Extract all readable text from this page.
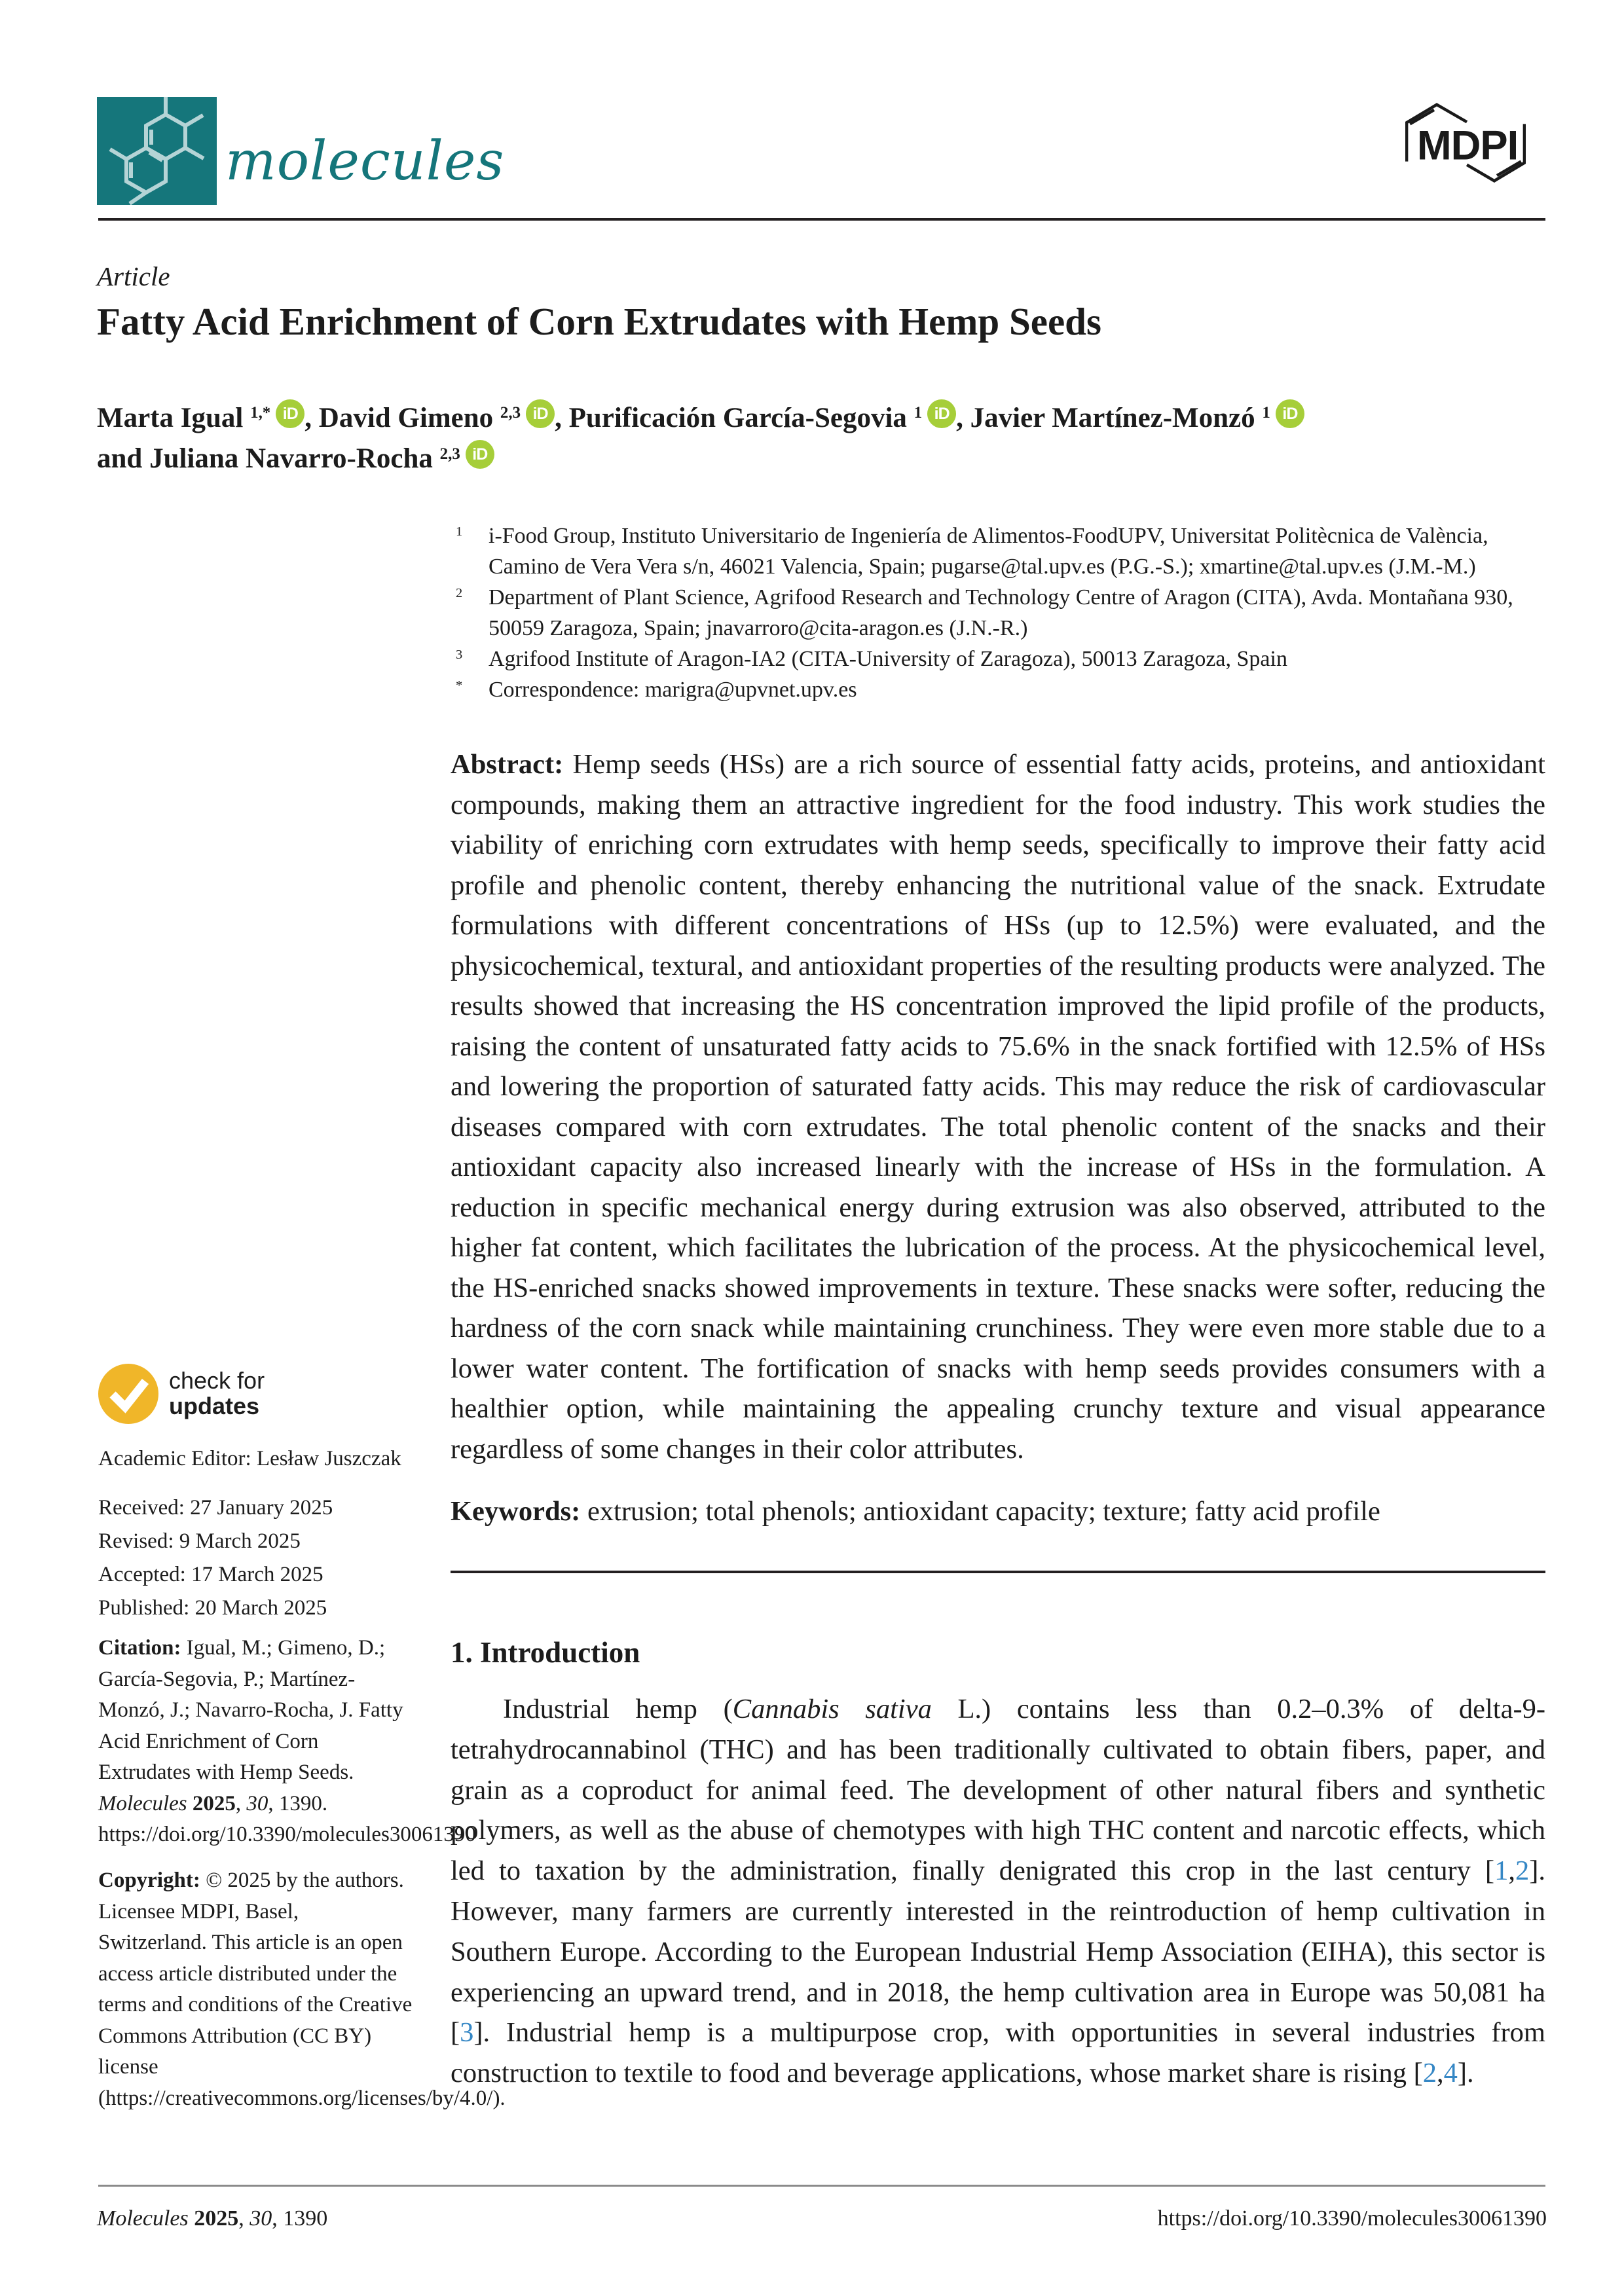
molecules	MDPI
Article
Fatty Acid Enrichment of Corn Extrudates with Hemp Seeds
Marta Igual $^{1,*}$ iD , David Gimeno $^{2,3}$ iD , Purificación García-Segovia $^1$ iD , Javier Martínez-Monzó $^1$ iD
and Juliana Navarro-Rocha $^{2,3}$ iD
1	i-Food Group, Instituto Universitario de Ingeniería de Alimentos-FoodUPV, Universitat Politècnica de València, Camino de Vera Vera s/n, 46021 Valencia, Spain; pugarse@tal.upv.es (P.G.-S.); xmartine@tal.upv.es (J.M.-M.)
2	Department of Plant Science, Agrifood Research and Technology Centre of Aragon (CITA), Avda. Montañana 930, 50059 Zaragoza, Spain; jnavarroro@cita-aragon.es (J.N.-R.)
3	Agrifood Institute of Aragon-IA2 (CITA-University of Zaragoza), 50013 Zaragoza, Spain
*	Correspondence: marigra@upvnet.upv.es
Abstract: Hemp seeds (HSs) are a rich source of essential fatty acids, proteins, and antioxidant compounds, making them an attractive ingredient for the food industry. This work studies the viability of enriching corn extrudates with hemp seeds, specifically to improve their fatty acid profile and phenolic content, thereby enhancing the nutritional value of the snack. Extrudate formulations with different concentrations of HSs (up to 12.5%) were evaluated, and the physicochemical, textural, and antioxidant properties of the resulting products were analyzed. The results showed that increasing the HS concentration improved the lipid profile of the products, raising the content of unsaturated fatty acids to 75.6% in the snack fortified with 12.5% of HSs and lowering the proportion of saturated fatty acids. This may reduce the risk of cardiovascular diseases compared with corn extrudates. The total phenolic content of the snacks and their antioxidant capacity also increased linearly with the increase of HSs in the formulation. A reduction in specific mechanical energy during extrusion was also observed, attributed to the higher fat content, which facilitates the lubrication of the process. At the physicochemical level, the HS-enriched snacks showed improvements in texture. These snacks were softer, reducing the hardness of the corn snack while maintaining crunchiness. They were even more stable due to a lower water content. The fortification of snacks with hemp seeds provides consumers with a healthier option, while maintaining the appealing crunchy texture and visual appearance regardless of some changes in their color attributes.
Keywords: extrusion; total phenols; antioxidant capacity; texture; fatty acid profile
1. Introduction
Industrial hemp (Cannabis sativa L.) contains less than 0.2–0.3% of delta-9-tetrahydrocannabinol (THC) and has been traditionally cultivated to obtain fibers, paper, and grain as a coproduct for animal feed. The development of other natural fibers and synthetic polymers, as well as the abuse of chemotypes with high THC content and narcotic effects, which led to taxation by the administration, finally denigrated this crop in the last century [1,2]. However, many farmers are currently interested in the reintroduction of hemp cultivation in Southern Europe. According to the European Industrial Hemp Association (EIHA), this sector is experiencing an upward trend, and in 2018, the hemp cultivation area in Europe was 50,081 ha [3]. Industrial hemp is a multipurpose crop, with opportunities in several industries from construction to textile to food and beverage applications, whose market share is rising [2,4].
check for
updates
Academic Editor: Lesław Juszczak
Received: 27 January 2025
Revised: 9 March 2025
Accepted: 17 March 2025
Published: 20 March 2025
Citation: Igual, M.; Gimeno, D.; García-Segovia, P.; Martínez-Monzó, J.; Navarro-Rocha, J. Fatty Acid Enrichment of Corn Extrudates with Hemp Seeds. Molecules 2025, 30, 1390. https://doi.org/10.3390/molecules30061390
Copyright: © 2025 by the authors. Licensee MDPI, Basel, Switzerland. This article is an open access article distributed under the terms and conditions of the Creative Commons Attribution (CC BY) license (https://creativecommons.org/licenses/by/4.0/).
Molecules 2025, 30, 1390	https://doi.org/10.3390/molecules30061390
